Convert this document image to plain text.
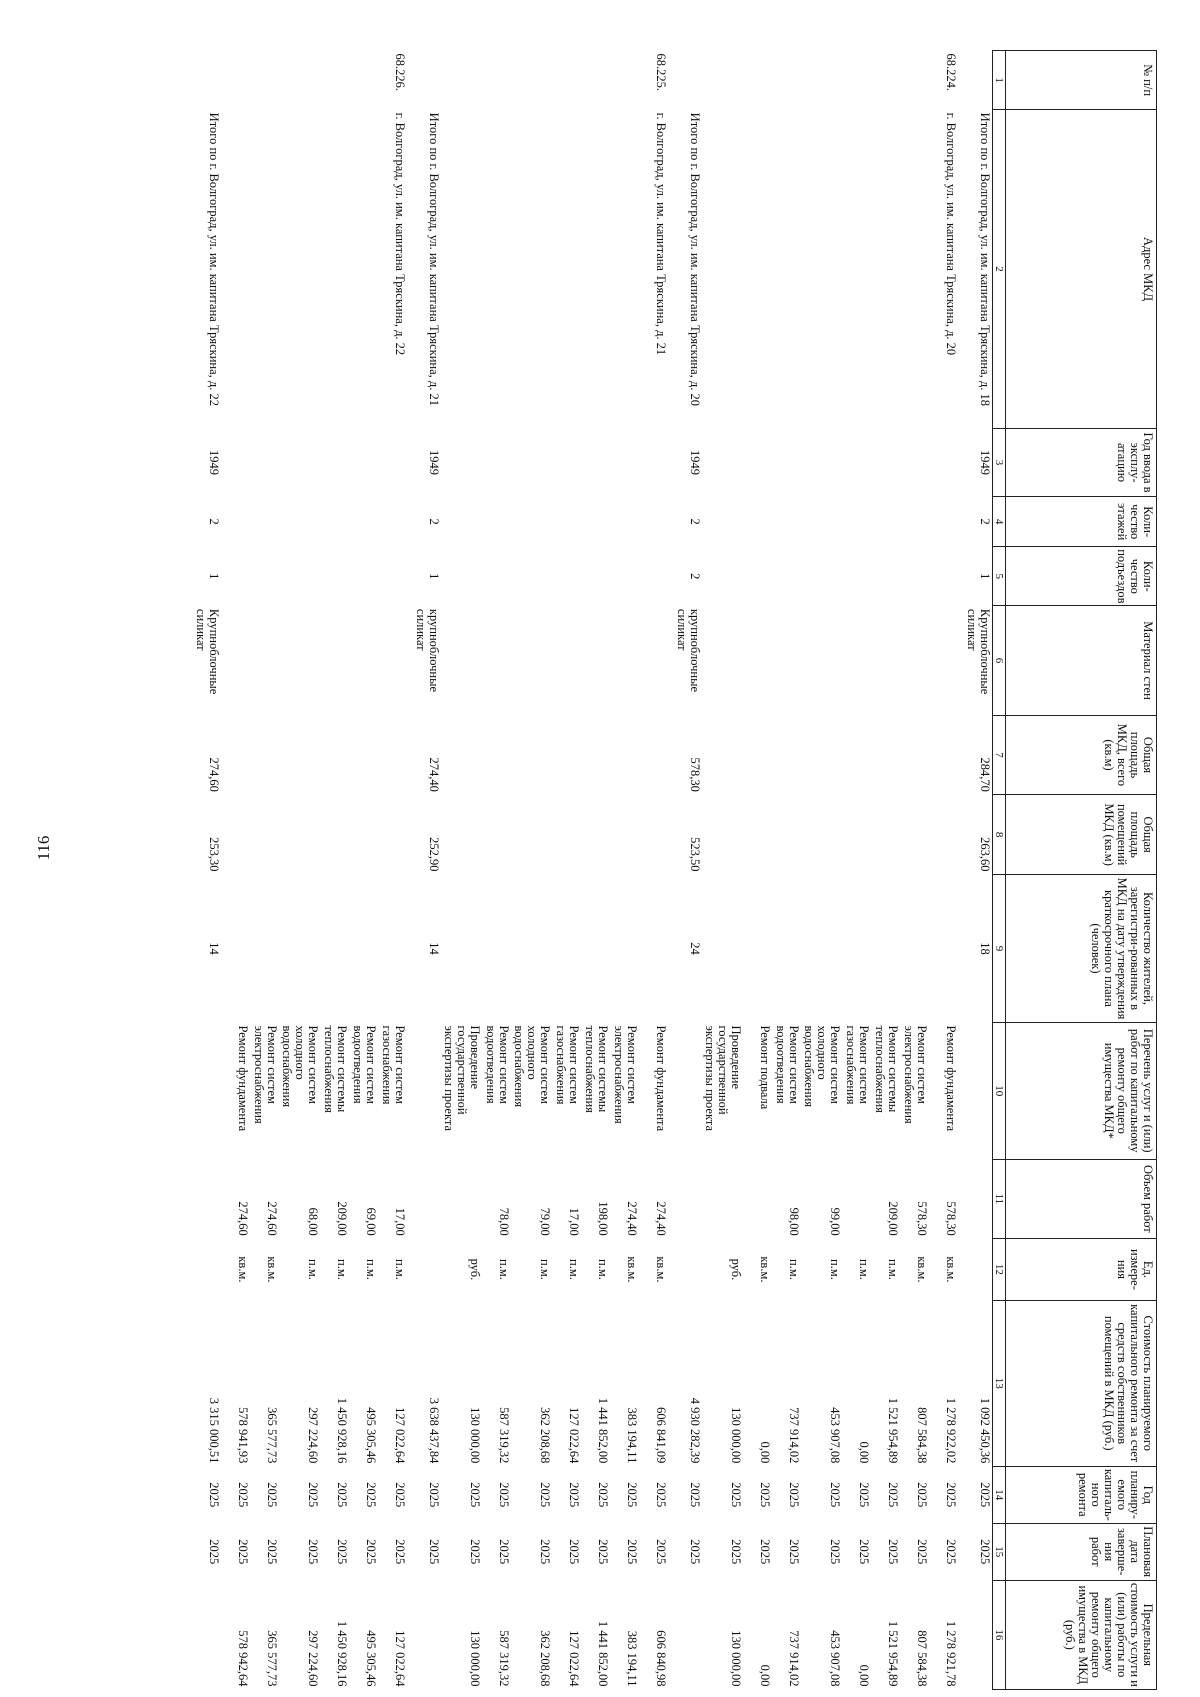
116
№ п/п	Адрес МКД	Год ввода в эксплу-атацию	Коли-чество этажей	Коли-чество подъездов	Материал стен	Общая площадь МКД, всего (кв.м)	Общая площадь помещений МКД (кв.м)	Количество жителей, зарегистри-рованных в МКД на дату утверждения краткосрочного плана (человек)	Перечень услуг и (или) работ по капитальному ремонту общего имущества МКД*	Объем работ	Ед. измере-ния	Стоимость планируемого капитального ремонта за счет средств собственников помещений в МКД (руб.)	Год планиру-емого капиталь-ного ремонта	Плановая дата заверше-ния работ	Предельная стоимость услуги и (или) работы по капитальному ремонту общего имущества в МКД (руб.)
1	2	3	4	5	6	7	8	9	10	11	12	13	14	15	16
	Итого по г. Волгоград, ул. им. капитана Тряскина, д. 18	1949	2	1	Крупноблочные силикат	284,70	263,60	18				1 092 450,36	2025	2025	
68.224.	г. Волгоград, ул. им. капитана Тряскина, д. 20								Ремонт фундамента	578,30	кв.м.	1 278 922,02	2025	2025	1 278 921,78
									Ремонт систем электроснабжения	578,30	кв.м.	807 584,38	2025	2025	807 584,38
									Ремонт системы теплоснабжения	209,00	п.м.	1 521 954,89	2025	2025	1 521 954,89
									Ремонт систем газоснабжения		п.м.	0,00	2025	2025	0,00
									Ремонт систем холодного водоснабжения	99,00	п.м.	453 907,08	2025	2025	453 907,08
									Ремонт систем водоотведения	98,00	п.м.	737 914,02	2025	2025	737 914,02
									Ремонт подвала		кв.м.	0,00	2025	2025	0,00
									Проведение государственной экспертизы проекта		руб.	130 000,00	2025	2025	130 000,00
	Итого по г. Волгоград, ул. им. капитана Тряскина, д. 20	1949	2	2	крупноблочные силикат	578,30	523,50	24				4 930 282,39	2025	2025	
68.225.	г. Волгоград, ул. им. капитана Тряскина, д. 21								Ремонт фундамента	274,40	кв.м.	606 841,09	2025	2025	606 840,98
									Ремонт систем электроснабжения	274,40	кв.м.	383 194,11	2025	2025	383 194,11
									Ремонт системы теплоснабжения	198,00	п.м.	1 441 852,00	2025	2025	1 441 852,00
									Ремонт систем газоснабжения	17,00	п.м.	127 022,64	2025	2025	127 022,64
									Ремонт систем холодного водоснабжения	79,00	п.м.	362 208,68	2025	2025	362 208,68
									Ремонт систем водоотведения	78,00	п.м.	587 319,32	2025	2025	587 319,32
									Проведение государственной экспертизы проекта		руб.	130 000,00	2025	2025	130 000,00
	Итого по г. Волгоград, ул. им. капитана Тряскина, д. 21	1949	2	1	крупноблочные силикат	274,40	252,90	14				3 638 437,84	2025	2025	
68.226.	г. Волгоград, ул. им. капитана Тряскина, д. 22								Ремонт систем газоснабжения	17,00	п.м.	127 022,64	2025	2025	127 022,64
									Ремонт систем водоотведения	69,00	п.м.	495 305,46	2025	2025	495 305,46
									Ремонт системы теплоснабжения	209,00	п.м.	1 450 928,16	2025	2025	1 450 928,16
									Ремонт систем холодного водоснабжения	68,00	п.м.	297 224,60	2025	2025	297 224,60
									Ремонт систем электроснабжения	274,60	кв.м.	365 577,73	2025	2025	365 577,73
									Ремонт фундамента	274,60	кв.м.	578 941,93	2025	2025	578 942,64
	Итого по г. Волгоград, ул. им. капитана Тряскина, д. 22	1949	2	1	Крупноблочные силикат	274,60	253,30	14				3 315 000,51	2025	2025	
